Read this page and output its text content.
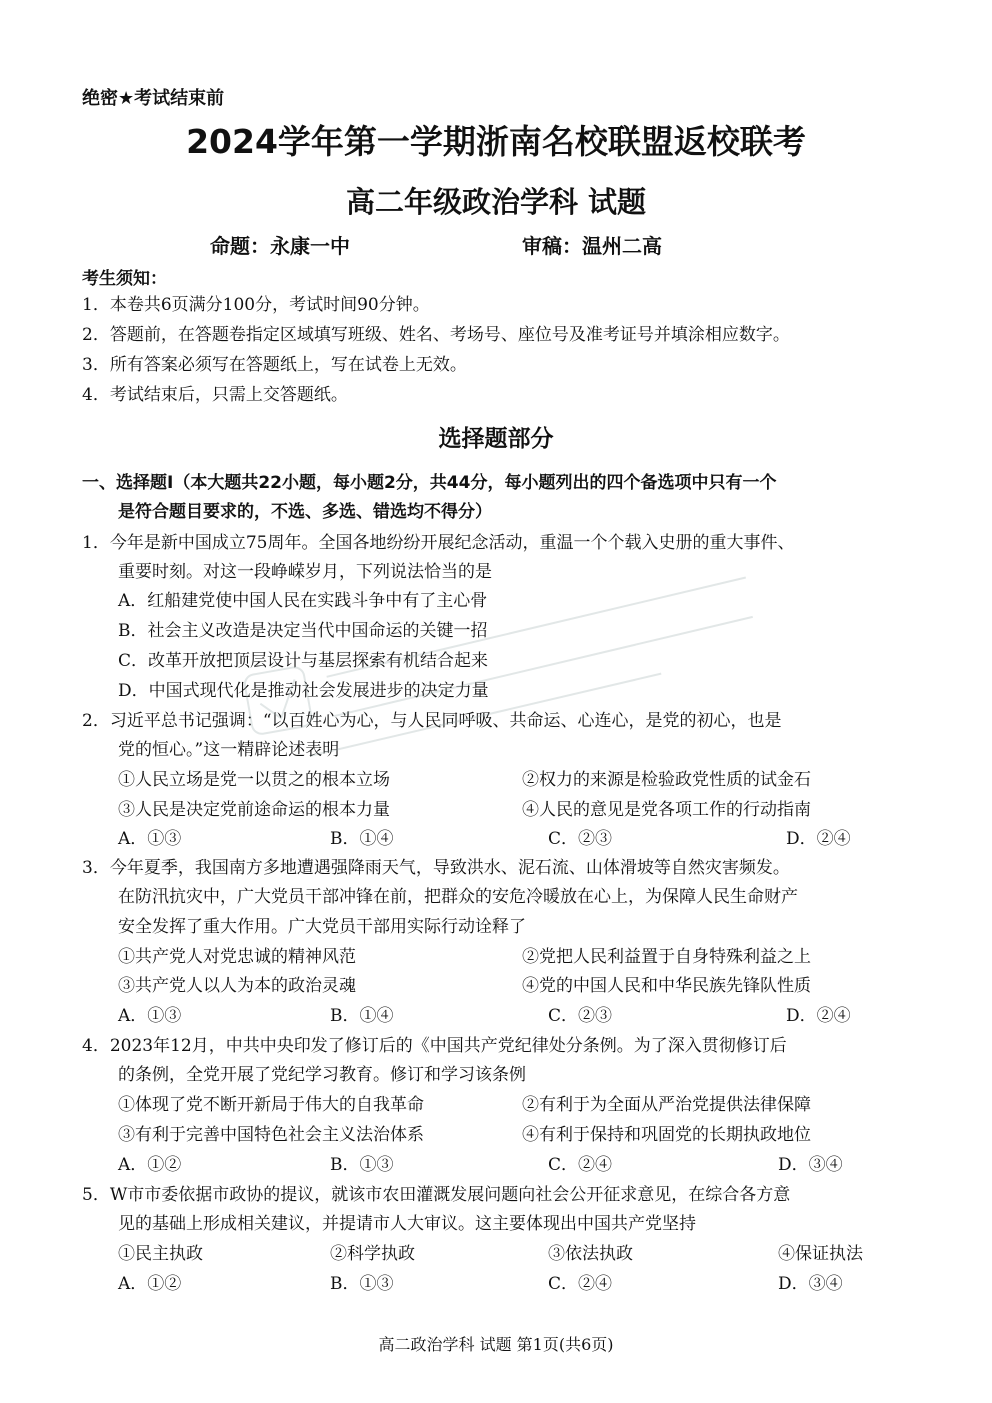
绝密★考试结束前
2024学年第一学期浙南名校联盟返校联考
高二年级政治学科 试题
命题：永康一中	审稿：温州二高
考生须知：
1．本卷共6页满分100分，考试时间90分钟。
2．答题前，在答题卷指定区域填写班级、姓名、考场号、座位号及准考证号并填涂相应数字。
3．所有答案必须写在答题纸上，写在试卷上无效。
4．考试结束后，只需上交答题纸。
选择题部分
一、选择题Ⅰ（本大题共22小题，每小题2分，共44分，每小题列出的四个备选项中只有一个
是符合题目要求的，不选、多选、错选均不得分）
1．今年是新中国成立75周年。全国各地纷纷开展纪念活动，重温一个个载入史册的重大事件、
重要时刻。对这一段峥嵘岁月，下列说法恰当的是
A．红船建党使中国人民在实践斗争中有了主心骨
B．社会主义改造是决定当代中国命运的关键一招
C．改革开放把顶层设计与基层探索有机结合起来
D．中国式现代化是推动社会发展进步的决定力量
2．习近平总书记强调：“以百姓心为心，与人民同呼吸、共命运、心连心，是党的初心，也是
党的恒心。”这一精辟论述表明
①人民立场是党一以贯之的根本立场	②权力的来源是检验政党性质的试金石
③人民是决定党前途命运的根本力量	④人民的意见是党各项工作的行动指南
A．①③	B．①④	C．②③	D．②④
3．今年夏季，我国南方多地遭遇强降雨天气，导致洪水、泥石流、山体滑坡等自然灾害频发。
在防汛抗灾中，广大党员干部冲锋在前，把群众的安危冷暖放在心上，为保障人民生命财产
安全发挥了重大作用。广大党员干部用实际行动诠释了
①共产党人对党忠诚的精神风范	②党把人民利益置于自身特殊利益之上
③共产党人以人为本的政治灵魂	④党的中国人民和中华民族先锋队性质
A．①③	B．①④	C．②③	D．②④
4．2023年12月，中共中央印发了修订后的《中国共产党纪律处分条例。为了深入贯彻修订后
的条例，全党开展了党纪学习教育。修订和学习该条例
①体现了党不断开新局于伟大的自我革命	②有利于为全面从严治党提供法律保障
③有利于完善中国特色社会主义法治体系	④有利于保持和巩固党的长期执政地位
A．①②	B．①③	C．②④	D．③④
5．W市市委依据市政协的提议，就该市农田灌溉发展问题向社会公开征求意见，在综合各方意
见的基础上形成相关建议，并提请市人大审议。这主要体现出中国共产党坚持
①民主执政	②科学执政	③依法执政	④保证执法
A．①②	B．①③	C．②④	D．③④
高二政治学科 试题 第1页(共6页)
